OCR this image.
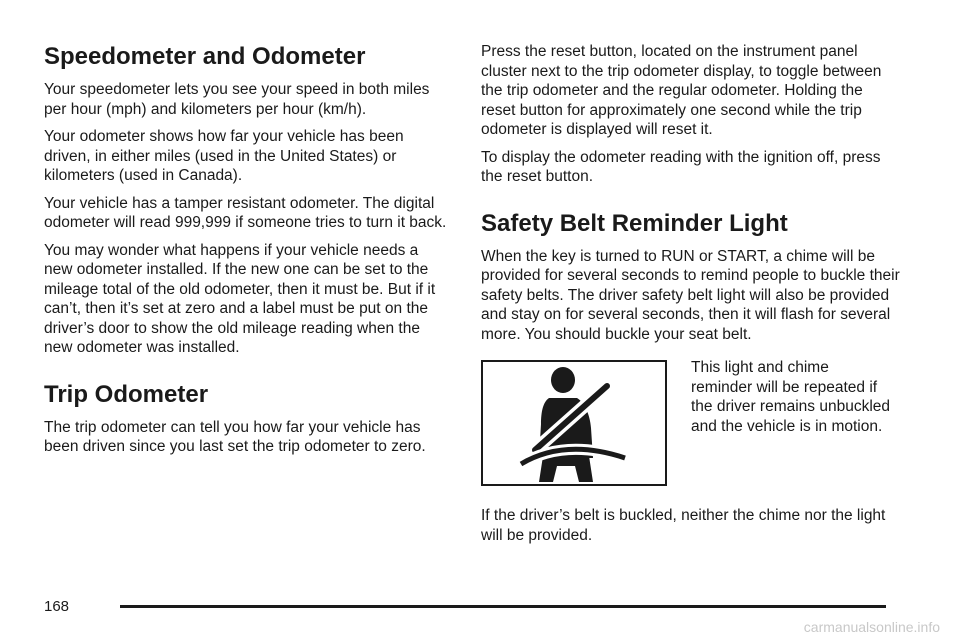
Speedometer and Odometer

Your speedometer lets you see your speed in both miles per hour (mph) and kilometers per hour (km/h).

Your odometer shows how far your vehicle has been driven, in either miles (used in the United States) or kilometers (used in Canada).

Your vehicle has a tamper resistant odometer. The digital odometer will read 999,999 if someone tries to turn it back.

You may wonder what happens if your vehicle needs a new odometer installed. If the new one can be set to the mileage total of the old odometer, then it must be. But if it can’t, then it’s set at zero and a label must be put on the driver’s door to show the old mileage reading when the new odometer was installed.

Trip Odometer

The trip odometer can tell you how far your vehicle has been driven since you last set the trip odometer to zero.

Press the reset button, located on the instrument panel cluster next to the trip odometer display, to toggle between the trip odometer and the regular odometer. Holding the reset button for approximately one second while the trip odometer is displayed will reset it.

To display the odometer reading with the ignition off, press the reset button.

Safety Belt Reminder Light

When the key is turned to RUN or START, a chime will be provided for several seconds to remind people to buckle their safety belts. The driver safety belt light will also be provided and stay on for several seconds, then it will flash for several more. You should buckle your seat belt.

This light and chime reminder will be repeated if the driver remains unbuckled and the vehicle is in motion.

If the driver’s belt is buckled, neither the chime nor the light will be provided.

168
carmanualsonline.info
